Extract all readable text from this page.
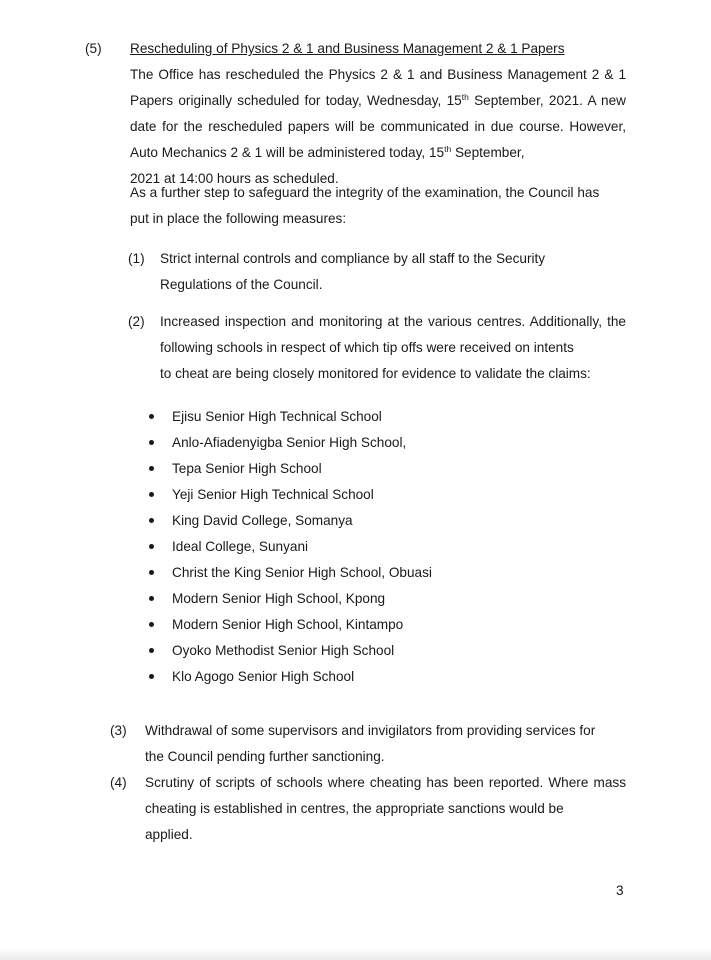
(5) Rescheduling of Physics 2 & 1 and Business Management 2 & 1 Papers
The Office has rescheduled the Physics 2 & 1 and Business Management 2 & 1 Papers originally scheduled for today, Wednesday, 15th September, 2021. A new date for the rescheduled papers will be communicated in due course. However, Auto Mechanics 2 & 1 will be administered today, 15th September,
2021 at 14:00 hours as scheduled.
As a further step to safeguard the integrity of the examination, the Council has
put in place the following measures:
(1) Strict internal controls and compliance by all staff to the Security
Regulations of the Council.
(2) Increased inspection and monitoring at the various centres. Additionally, the following schools in respect of which tip offs were received on intents
to cheat are being closely monitored for evidence to validate the claims:
Ejisu Senior High Technical School
Anlo-Afiadenyigba Senior High School,
Tepa Senior High School
Yeji Senior High Technical School
King David College, Somanya
Ideal College, Sunyani
Christ the King Senior High School, Obuasi
Modern Senior High School, Kpong
Modern Senior High School, Kintampo
Oyoko Methodist Senior High School
Klo Agogo Senior High School
(3) Withdrawal of some supervisors and invigilators from providing services for
the Council pending further sanctioning.
(4) Scrutiny of scripts of schools where cheating has been reported. Where mass cheating is established in centres, the appropriate sanctions would be
applied.
3
